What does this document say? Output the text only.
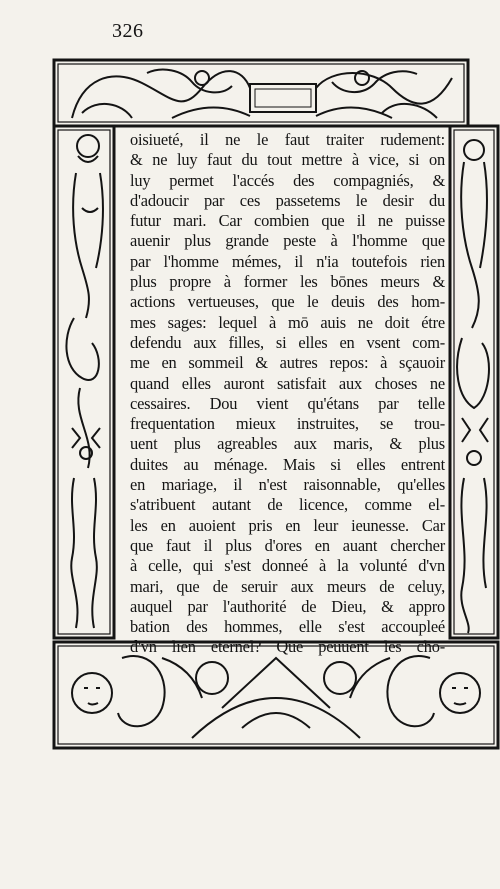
326
oisiueté, il ne le faut traiter rudement:
& ne luy faut du tout mettre à vice, si on
luy permet l'accés des compagniés, &
d'adoucir par ces passetems le desir du
futur mari. Car combien que il ne puisse
auenir plus grande peste à l'homme que
par l'homme mémes, il n'ia toutefois rien
plus propre à former les bōnes meurs &
actions vertueuses, que le deuis des hom-
mes sages: lequel à mō auis ne doit étre
defendu aux filles, si elles en vsent com-
me en sommeil & autres repos: à sçauoir
quand elles auront satisfait aux choses ne
cessaires. Dou vient qu'étans par telle
frequentation mieux instruites, se trou-
uent plus agreables aux maris, & plus
duites au ménage. Mais si elles entrent
en mariage, il n'est raisonnable, qu'elles
s'atribuent autant de licence, comme el-
les en auoient pris en leur ieunesse. Car
que faut il plus d'ores en auant chercher
à celle, qui s'est donneé à la volunté d'vn
mari, que de seruir aux meurs de celuy,
auquel par l'authorité de Dieu, & appro
bation des hommes, elle s'est accoupleé
d'vn lien eternel? Que peuuent les cho-
